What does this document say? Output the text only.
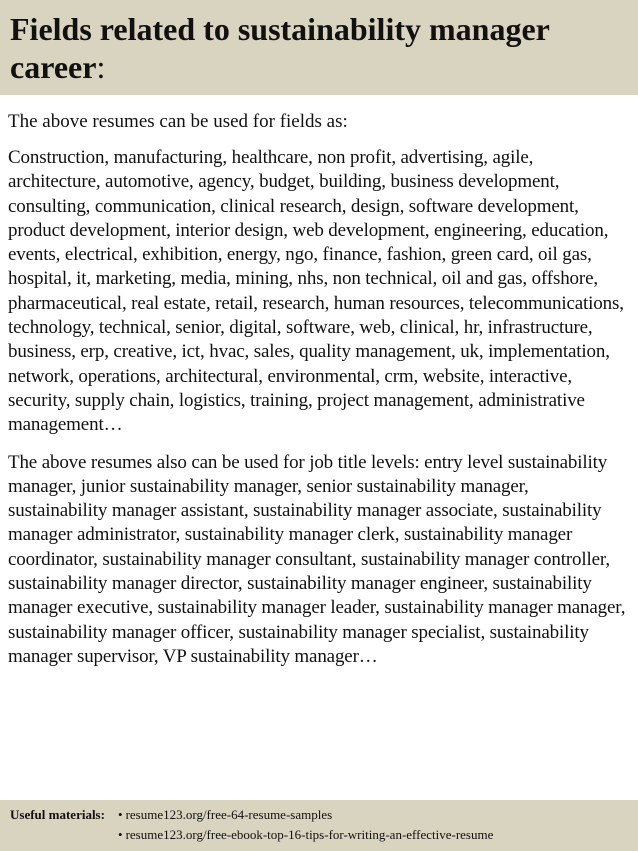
Fields related to sustainability manager career:

The above resumes can be used for fields as:

Construction, manufacturing, healthcare, non profit, advertising, agile, architecture, automotive, agency, budget, building, business development, consulting, communication, clinical research, design, software development, product development, interior design, web development, engineering, education, events, electrical, exhibition, energy, ngo, finance, fashion, green card, oil gas, hospital, it, marketing, media, mining, nhs, non technical, oil and gas, offshore, pharmaceutical, real estate, retail, research, human resources, telecommunications, technology, technical, senior, digital, software, web, clinical, hr, infrastructure, business, erp, creative, ict, hvac, sales, quality management, uk, implementation, network, operations, architectural, environmental, crm, website, interactive, security, supply chain, logistics, training, project management, administrative management…

The above resumes also can be used for job title levels: entry level sustainability manager, junior sustainability manager, senior sustainability manager, sustainability manager assistant, sustainability manager associate, sustainability manager administrator, sustainability manager clerk, sustainability manager coordinator, sustainability manager consultant, sustainability manager controller, sustainability manager director, sustainability manager engineer, sustainability manager executive, sustainability manager leader, sustainability manager manager, sustainability manager officer, sustainability manager specialist, sustainability manager supervisor, VP sustainability manager…

Useful materials:	• resume123.org/free-64-resume-samples
• resume123.org/free-ebook-top-16-tips-for-writing-an-effective-resume
